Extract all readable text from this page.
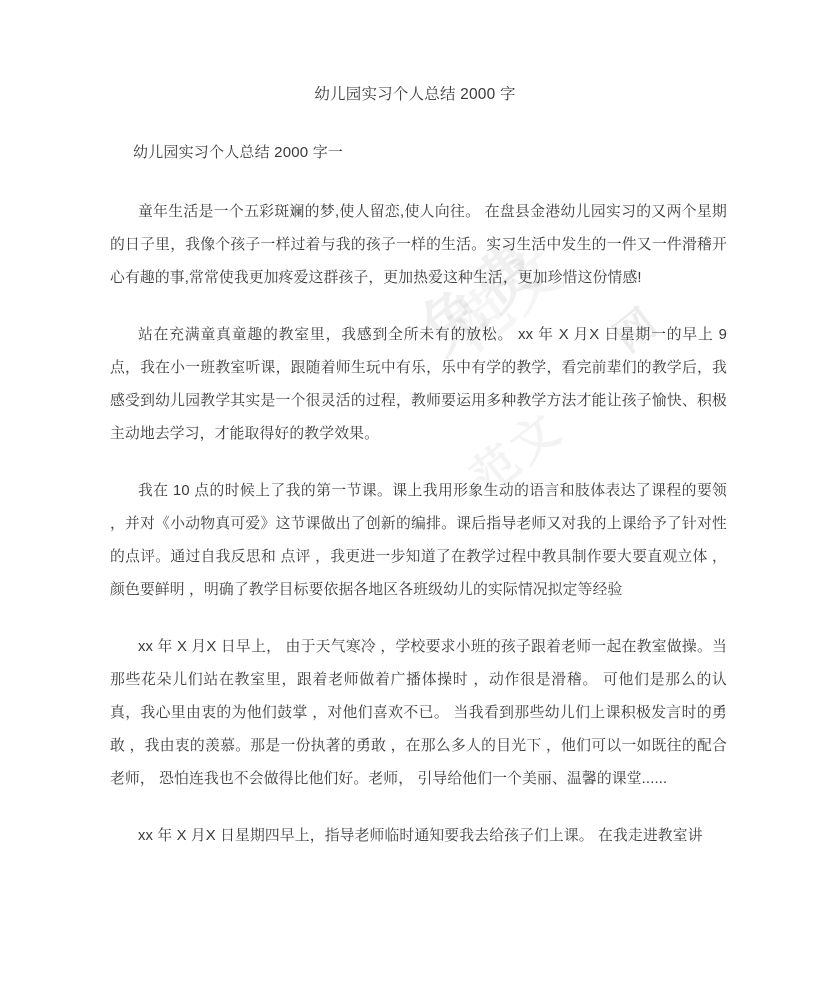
免费 网
幼儿园实习个人总结 2000 字
幼儿园实习个人总结 2000 字一

童年生活是一个五彩斑斓的梦,使人留恋,使人向往。 在盘县金港幼儿园实习的又两个星期的日子里，我像个孩子一样过着与我的孩子一样的生活。实习生活中发生的一件又一件滑稽开心有趣的事,常常使我更加疼爱这群孩子，更加热爱这种生活，更加珍惜这份情感!

站在充满童真童趣的教室里，我感到全所未有的放松。 xx 年 X 月X 日星期一的早上 9 点，我在小一班教室听课，跟随着师生玩中有乐，乐中有学的教学，看完前辈们的教学后，我感受到幼儿园教学其实是一个很灵活的过程，教师要运用多种教学方法才能让孩子愉快、积极主动地去学习，才能取得好的教学效果。

我在 10 点的时候上了我的第一节课。课上我用形象生动的语言和肢体表达了课程的要领 ，并对《小动物真可爱》这节课做出了创新的编排。课后指导老师又对我的上课给予了针对性的点评。通过自我反思和 点评 ，我更进一步知道了在教学过程中教具制作要大要直观立体 ，颜色要鲜明 ，明确了教学目标要依据各地区各班级幼儿的实际情况拟定等经验

xx 年 X 月X 日早上， 由于天气寒冷 ，学校要求小班的孩子跟着老师一起在教室做操。当那些花朵儿们站在教室里，跟着老师做着广播体操时 ，动作很是滑稽。 可他们是那么的认真，我心里由衷的为他们鼓掌 ，对他们喜欢不已。 当我看到那些幼儿们上课积极发言时的勇敢 ，我由衷的羡慕。那是一份执著的勇敢 ，在那么多人的目光下 ，他们可以一如既往的配合老师， 恐怕连我也不会做得比他们好。老师， 引导给他们一个美丽、温馨的课堂......

xx 年 X 月X 日星期四早上，指导老师临时通知要我去给孩子们上课。 在我走进教室讲
